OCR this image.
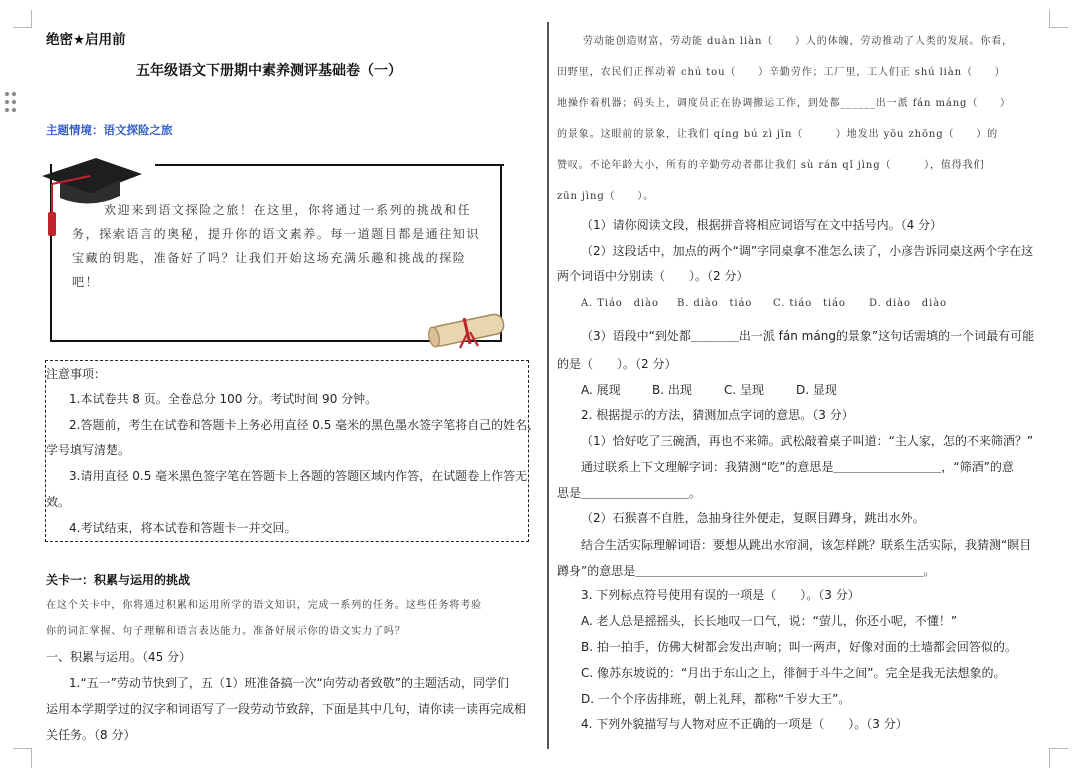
绝密★启用前
五年级语文下册期中素养测评基础卷（一）
主题情境：语文探险之旅
欢迎来到语文探险之旅！在这里，你将通过一系列的挑战和任
务，探索语言的奥秘，提升你的语文素养。每一道题目都是通往知识
宝藏的钥匙，准备好了吗？让我们开始这场充满乐趣和挑战的探险
吧！
注意事项：
1.本试卷共 8 页。全卷总分 100 分。考试时间 90 分钟。
2.答题前，考生在试卷和答题卡上务必用直径 0.5 毫米的黑色墨水签字笔将自己的姓名、
学号填写清楚。
3.请用直径 0.5 毫米黑色签字笔在答题卡上各题的答题区域内作答，在试题卷上作答无
效。
4.考试结束，将本试卷和答题卡一并交回。
关卡一：积累与运用的挑战
在这个关卡中，你将通过积累和运用所学的语文知识，完成一系列的任务。这些任务将考验
你的词汇掌握、句子理解和语言表达能力。准备好展示你的语文实力了吗？
一、积累与运用。（45 分）
1.“五一”劳动节快到了，五（1）班准备搞一次“向劳动者致敬”的主题活动，同学们
运用本学期学过的汉字和词语写了一段劳动节致辞，下面是其中几句，请你读一读再完成相
关任务。（8 分）
劳动能创造财富，劳动能 duàn liàn（　　）人的体魄，劳动推动了人类的发展。你看，
田野里，农民们正挥动着 chú tou（　　）辛勤劳作；工厂里，工人们正 shú liàn（　　）
地操作着机器；码头上，调度员正在协调搬运工作，到处都______出一派 fán máng（　　）
的景象。这眼前的景象，让我们 qíng bú zì jīn（　　　）地发出 yōu zhōng（　　）的
赞叹。不论年龄大小，所有的辛勤劳动者都让我们 sù rán qǐ jìng（　　　），值得我们
zūn jìng（　　）。
（1）请你阅读文段，根据拼音将相应词语写在文中括号内。（4 分）
（2）这段话中，加点的两个“调”字同桌拿不准怎么读了，小彦告诉同桌这两个字在这
两个词语中分别读（　　）。（2 分）
A. Tiáo　diào B. diào　tiáo C. tiáo　tiáo D. diào　diào
（3）语段中“到处都＿＿＿＿出一派 fán máng的景象”这句话需填的一个词最有可能
的是（　　）。（2 分）
A. 展现	B. 出现	C. 呈现	D. 显现
2. 根据提示的方法，猜测加点字词的意思。（3 分）
（1）恰好吃了三碗酒，再也不来筛。武松敲着桌子叫道：“主人家，怎的不来筛酒？”
通过联系上下文理解字词：我猜测“吃”的意思是＿＿＿＿＿＿＿＿＿，“筛酒”的意
思是＿＿＿＿＿＿＿＿＿。
（2）石猴喜不自胜，急抽身往外便走，复瞑目蹲身，跳出水外。
结合生活实际理解词语：要想从跳出水帘洞，该怎样跳？联系生活实际，我猜测“瞑目
蹲身”的意思是＿＿＿＿＿＿＿＿＿＿＿＿＿＿＿＿＿＿＿＿＿＿＿＿。
3. 下列标点符号使用有误的一项是（　　）。（3 分）
A. 老人总是摇摇头，长长地叹一口气，说：“萤儿，你还小呢，不懂！”
B. 拍一拍手，仿佛大树都会发出声响；叫一两声，好像对面的土墙都会回答似的。
C. 像苏东坡说的：“月出于东山之上，徘徊于斗牛之间”。完全是我无法想象的。
D. 一个个序齿排班，朝上礼拜，都称“千岁大王”。
4. 下列外貌描写与人物对应不正确的一项是（　　）。（3 分）
